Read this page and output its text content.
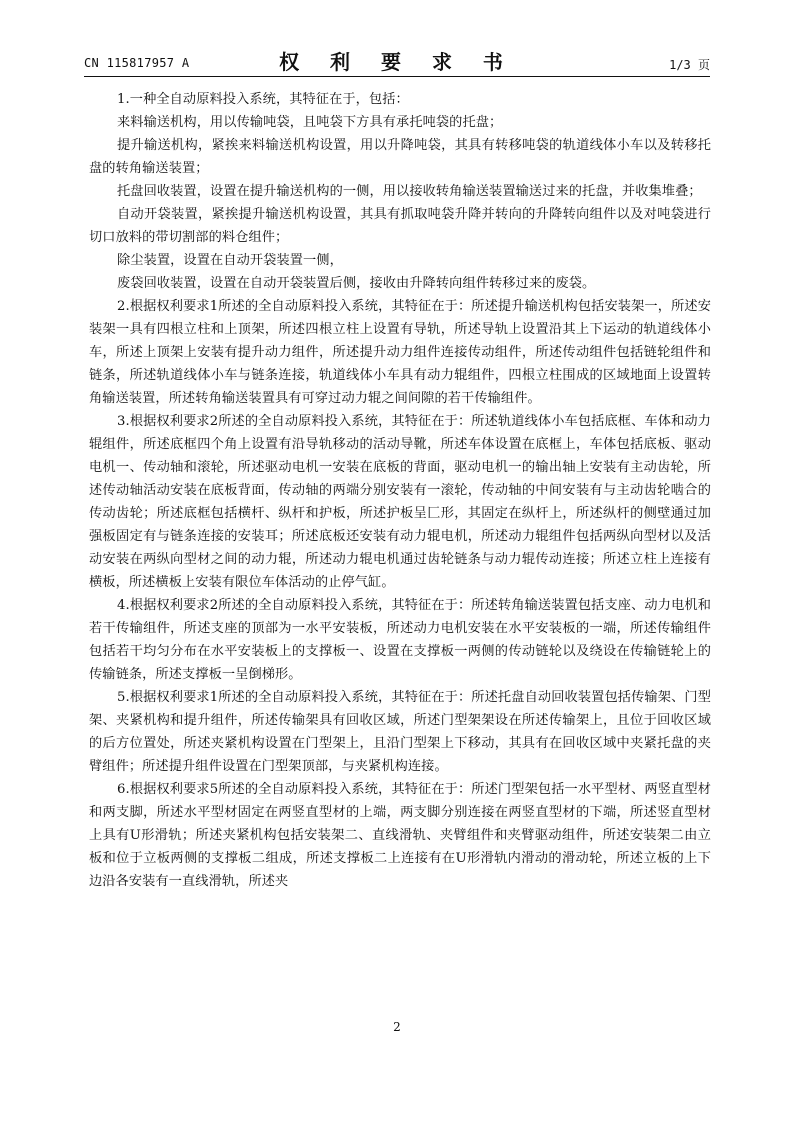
CN 115817957 A	权 利 要 求 书	1/3 页

1.一种全自动原料投入系统，其特征在于，包括：

来料输送机构，用以传输吨袋，且吨袋下方具有承托吨袋的托盘；

提升输送机构，紧挨来料输送机构设置，用以升降吨袋，其具有转移吨袋的轨道线体小车以及转移托盘的转角输送装置；

托盘回收装置，设置在提升输送机构的一侧，用以接收转角输送装置输送过来的托盘，并收集堆叠；

自动开袋装置，紧挨提升输送机构设置，其具有抓取吨袋升降并转向的升降转向组件以及对吨袋进行切口放料的带切割部的料仓组件；

除尘装置，设置在自动开袋装置一侧，

废袋回收装置，设置在自动开袋装置后侧，接收由升降转向组件转移过来的废袋。

2.根据权利要求1所述的全自动原料投入系统，其特征在于：所述提升输送机构包括安装架一，所述安装架一具有四根立柱和上顶架，所述四根立柱上设置有导轨，所述导轨上设置沿其上下运动的轨道线体小车，所述上顶架上安装有提升动力组件，所述提升动力组件连接传动组件，所述传动组件包括链轮组件和链条，所述轨道线体小车与链条连接，轨道线体小车具有动力辊组件，四根立柱围成的区域地面上设置转角输送装置，所述转角输送装置具有可穿过动力辊之间间隙的若干传输组件。

3.根据权利要求2所述的全自动原料投入系统，其特征在于：所述轨道线体小车包括底框、车体和动力辊组件，所述底框四个角上设置有沿导轨移动的活动导靴，所述车体设置在底框上，车体包括底板、驱动电机一、传动轴和滚轮，所述驱动电机一安装在底板的背面，驱动电机一的输出轴上安装有主动齿轮，所述传动轴活动安装在底板背面，传动轴的两端分别安装有一滚轮，传动轴的中间安装有与主动齿轮啮合的传动齿轮；所述底框包括横杆、纵杆和护板，所述护板呈匚形，其固定在纵杆上，所述纵杆的侧壁通过加强板固定有与链条连接的安装耳；所述底板还安装有动力辊电机，所述动力辊组件包括两纵向型材以及活动安装在两纵向型材之间的动力辊，所述动力辊电机通过齿轮链条与动力辊传动连接；所述立柱上连接有横板，所述横板上安装有限位车体活动的止停气缸。

4.根据权利要求2所述的全自动原料投入系统，其特征在于：所述转角输送装置包括支座、动力电机和若干传输组件，所述支座的顶部为一水平安装板，所述动力电机安装在水平安装板的一端，所述传输组件包括若干均匀分布在水平安装板上的支撑板一、设置在支撑板一两侧的传动链轮以及绕设在传输链轮上的传输链条，所述支撑板一呈倒梯形。

5.根据权利要求1所述的全自动原料投入系统，其特征在于：所述托盘自动回收装置包括传输架、门型架、夹紧机构和提升组件，所述传输架具有回收区域，所述门型架架设在所述传输架上，且位于回收区域的后方位置处，所述夹紧机构设置在门型架上，且沿门型架上下移动，其具有在回收区域中夹紧托盘的夹臂组件；所述提升组件设置在门型架顶部，与夹紧机构连接。

6.根据权利要求5所述的全自动原料投入系统，其特征在于：所述门型架包括一水平型材、两竖直型材和两支脚，所述水平型材固定在两竖直型材的上端，两支脚分别连接在两竖直型材的下端，所述竖直型材上具有U形滑轨；所述夹紧机构包括安装架二、直线滑轨、夹臂组件和夹臂驱动组件，所述安装架二由立板和位于立板两侧的支撑板二组成，所述支撑板二上连接有在U形滑轨内滑动的滑动轮，所述立板的上下边沿各安装有一直线滑轨，所述夹

2
